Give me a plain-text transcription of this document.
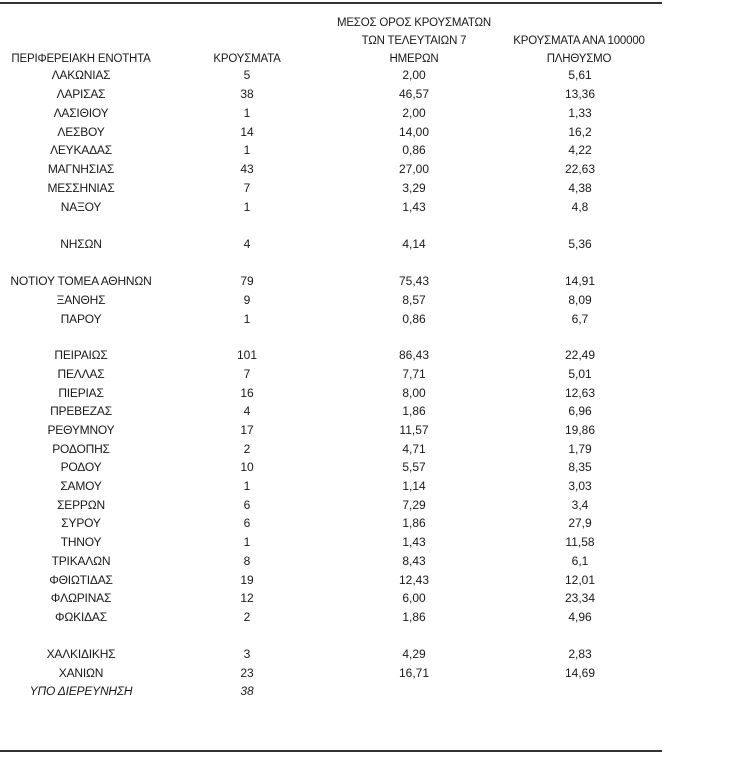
ΠΕΡΙΦΕΡΕΙΑΚΗ ΕΝΟΤΗΤΑ	ΚΡΟΥΣΜΑΤΑ
ΜΕΣΟΣ ΟΡΟΣ ΚΡΟΥΣΜΑΤΩΝ
ΤΩΝ ΤΕΛΕΥΤΑΙΩΝ 7
ΗΜΕΡΩΝ
ΚΡΟΥΣΜΑΤΑ ΑΝΑ 100000
ΠΛΗΘΥΣΜΟ
ΛΑΚΩΝΙΑΣ	5	2,00	5,61
ΛΑΡΙΣΑΣ	38	46,57	13,36
ΛΑΣΙΘΙΟΥ	1	2,00	1,33
ΛΕΣΒΟΥ	14	14,00	16,2
ΛΕΥΚΑΔΑΣ	1	0,86	4,22
ΜΑΓΝΗΣΙΑΣ	43	27,00	22,63
ΜΕΣΣΗΝΙΑΣ	7	3,29	4,38
ΝΑΞΟΥ	1	1,43	4,8
ΝΗΣΩΝ	4	4,14	5,36
ΝΟΤΙΟΥ ΤΟΜΕΑ ΑΘΗΝΩΝ	79	75,43	14,91
ΞΑΝΘΗΣ	9	8,57	8,09
ΠΑΡΟΥ	1	0,86	6,7
ΠΕΙΡΑΙΩΣ	101	86,43	22,49
ΠΕΛΛΑΣ	7	7,71	5,01
ΠΙΕΡΙΑΣ	16	8,00	12,63
ΠΡΕΒΕΖΑΣ	4	1,86	6,96
ΡΕΘΥΜΝΟΥ	17	11,57	19,86
ΡΟΔΟΠΗΣ	2	4,71	1,79
ΡΟΔΟΥ	10	5,57	8,35
ΣΑΜΟΥ	1	1,14	3,03
ΣΕΡΡΩΝ	6	7,29	3,4
ΣΥΡΟΥ	6	1,86	27,9
ΤΗΝΟΥ	1	1,43	11,58
ΤΡΙΚΑΛΩΝ	8	8,43	6,1
ΦΘΙΩΤΙΔΑΣ	19	12,43	12,01
ΦΛΩΡΙΝΑΣ	12	6,00	23,34
ΦΩΚΙΔΑΣ	2	1,86	4,96
ΧΑΛΚΙΔΙΚΗΣ	3	4,29	2,83
ΧΑΝΙΩΝ	23	16,71	14,69
ΥΠΟ ΔΙΕΡΕΥΝΗΣΗ	38
